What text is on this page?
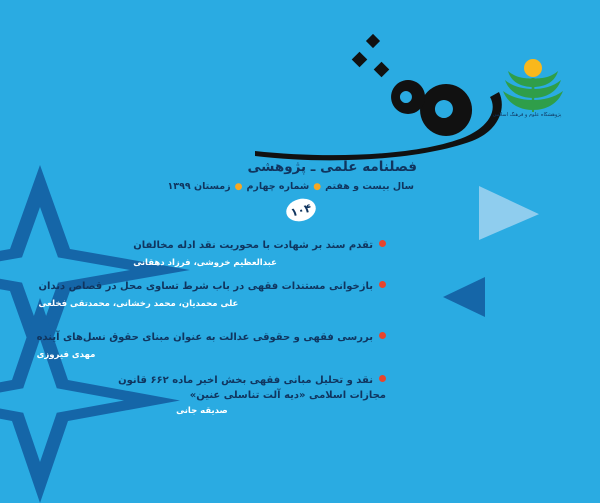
پژوهشگاه علوم و فرهنگ اسلامی
فصلنامه علمی ـ پژوهشی
سال بیست و هفتم●شماره چهارم●زمستان ۱۳۹۹
۱۰۴
تقدم سند بر شهادت با محوریت نقد ادله مخالفان
عبدالعظیم خروشی، فرزاد دهقانی
بازخوانی مستندات فقهی در باب شرط تساوی محل در قصاص دندان
علی محمدیان، محمد رخشانی، محمدتقی فخلعی
بررسی فقهی و حقوقی عدالت به عنوان مبنای حقوق نسل‌های آینده
مهدی فیروزی
نقد و تحلیل مبانی فقهی بخش اخیر ماده ۶۶۲ قانون
مجازات اسلامی «دیه آلت تناسلی عنین»
صدیقه جانی
